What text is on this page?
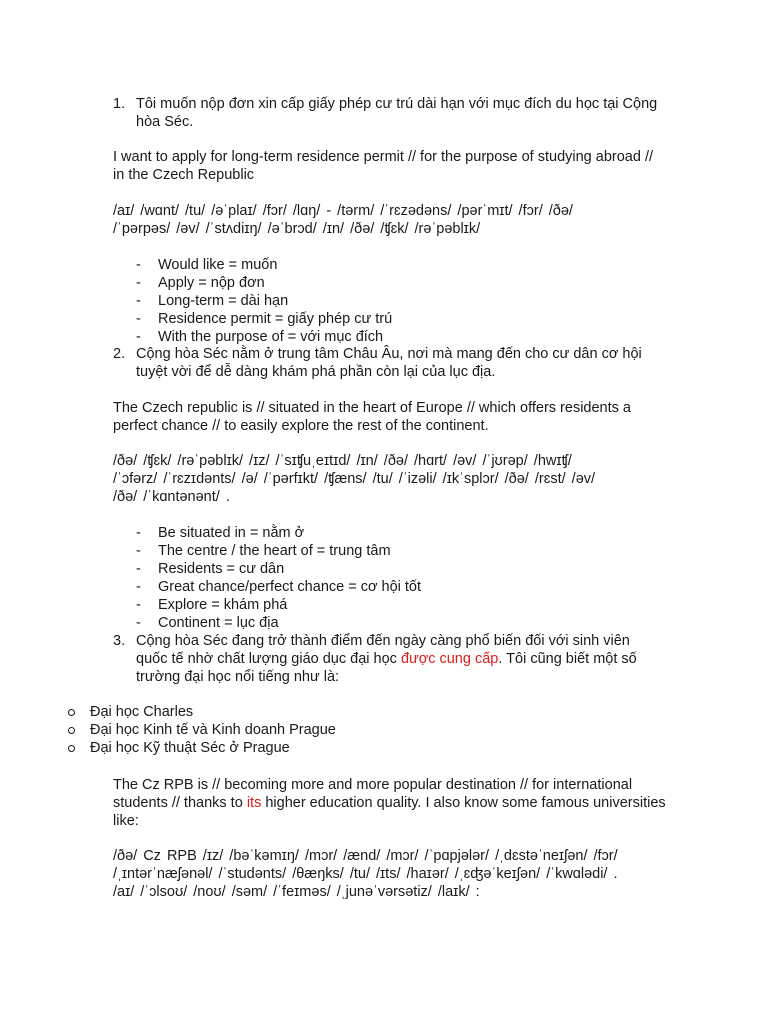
1. Tôi muốn nộp đơn xin cấp giấy phép cư trú dài hạn với mục đích du học tại Cộng
hòa Séc.
I want to apply for long-term residence permit // for the purpose of studying abroad //
in the Czech Republic
/aɪ/ /wɑnt/ /tu/ /əˈplaɪ/ /fɔr/ /lɑŋ/ - /tərm/ /ˈrɛzədəns/ /pərˈmɪt/ /fɔr/ /ðə/
/ˈpərpəs/ /əv/ /ˈstʌdiɪŋ/ /əˈbrɔd/ /ɪn/ /ðə/ /ʧɛk/ /rəˈpəblɪk/
- Would like = muốn
- Apply = nộp đơn
- Long-term = dài hạn
- Residence permit = giấy phép cư trú
- With the purpose of = với mục đích
2. Cộng hòa Séc nằm ở trung tâm Châu Âu, nơi mà mang đến cho cư dân cơ hội
tuyệt vời để dễ dàng khám phá phần còn lại của lục địa.
The Czech republic is // situated in the heart of Europe // which offers residents a
perfect chance // to easily explore the rest of the continent.
/ðə/ /ʧɛk/ /rəˈpəblɪk/ /ɪz/ /ˈsɪʧuˌeɪtɪd/ /ɪn/ /ðə/ /hɑrt/ /əv/ /ˈjʊrəp/ /hwɪʧ/
/ˈɔfərz/ /ˈrɛzɪdənts/ /ə/ /ˈpərfɪkt/ /ʧæns/ /tu/ /ˈizəli/ /ɪkˈsplɔr/ /ðə/ /rɛst/ /əv/
/ðə/ /ˈkɑntənənt/ .
- Be situated in = nằm ở
- The centre / the heart of = trung tâm
- Residents = cư dân
- Great chance/perfect chance = cơ hội tốt
- Explore = khám phá
- Continent = lục địa
3. Cộng hòa Séc đang trở thành điểm đến ngày càng phổ biến đối với sinh viên
quốc tế nhờ chất lượng giáo dục đại học được cung cấp. Tôi cũng biết một số
trường đại học nổi tiếng như là:
Đại học Charles
Đại học Kinh tế và Kinh doanh Prague
Đại học Kỹ thuật Séc ở Prague
The Cz RPB is // becoming more and more popular destination // for international
students // thanks to its higher education quality. I also know some famous universities
like:
/ðə/ Cz RPB /ɪz/ /bəˈkəmɪŋ/ /mɔr/ /ænd/ /mɔr/ /ˈpɑpjələr/ /ˌdɛstəˈneɪʃən/ /fɔr/
/ˌɪntərˈnæʃənəl/ /ˈstudənts/ /θæŋks/ /tu/ /ɪts/ /haɪər/ /ˌɛʤəˈkeɪʃən/ /ˈkwɑlədi/ .
/aɪ/ /ˈɔlsoʊ/ /noʊ/ /səm/ /ˈfeɪməs/ /ˌjunəˈvərsətiz/ /laɪk/ :
